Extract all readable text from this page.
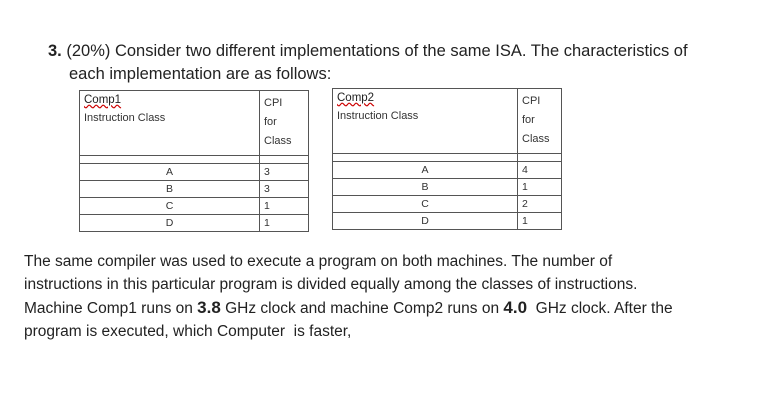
3. (20%) Consider two different implementations of the same ISA. The characteristics of
each implementation are as follows:
Comp1
Instruction Class	CPI
for
Class

A	3
B	3
C	1
D	1
Comp2
Instruction Class	CPI
for
Class

A	4
B	1
C	2
D	1
The same compiler was used to execute a program on both machines. The number of
instructions in this particular program is divided equally among the classes of instructions.
Machine Comp1 runs on 3.8 GHz clock and machine Comp2 runs on 4.0  GHz clock. After the
program is executed, which Computer  is faster,
